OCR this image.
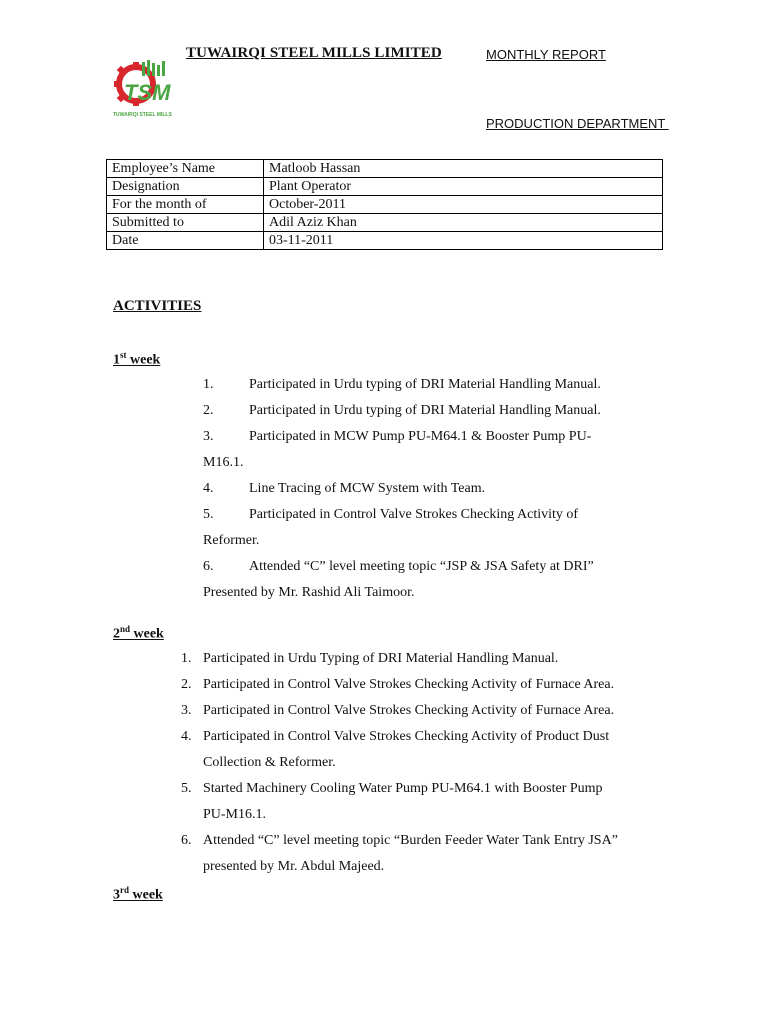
TUWAIRQI STEEL MILLS LIMITED	MONTHLY REPORT
PRODUCTION DEPARTMENT
TSM
TUWAIRQI STEEL MILLS
Employee’s Name	Matloob Hassan
Designation	Plant Operator
For the month of	October-2011
Submitted to	Adil Aziz Khan
Date	03-11-2011
ACTIVITIES
1st week
1.	Participated in Urdu typing of DRI Material Handling Manual.
2.	Participated in Urdu typing of DRI Material Handling Manual.
3.	Participated in MCW Pump PU-M64.1 & Booster Pump PU-
M16.1.
4.	Line Tracing of MCW System with Team.
5.	Participated in Control Valve Strokes Checking Activity of
Reformer.
6.	Attended “C” level meeting topic “JSP & JSA Safety at DRI”
Presented by Mr. Rashid Ali Taimoor.
2nd week
1. Participated in Urdu Typing of DRI Material Handling Manual.
2. Participated in Control Valve Strokes Checking Activity of Furnace Area.
3. Participated in Control Valve Strokes Checking Activity of Furnace Area.
4. Participated in Control Valve Strokes Checking Activity of Product Dust
Collection & Reformer.
5. Started Machinery Cooling Water Pump PU-M64.1 with Booster Pump
PU-M16.1.
6. Attended “C” level meeting topic “Burden Feeder Water Tank Entry JSA”
presented by Mr. Abdul Majeed.
3rd week
